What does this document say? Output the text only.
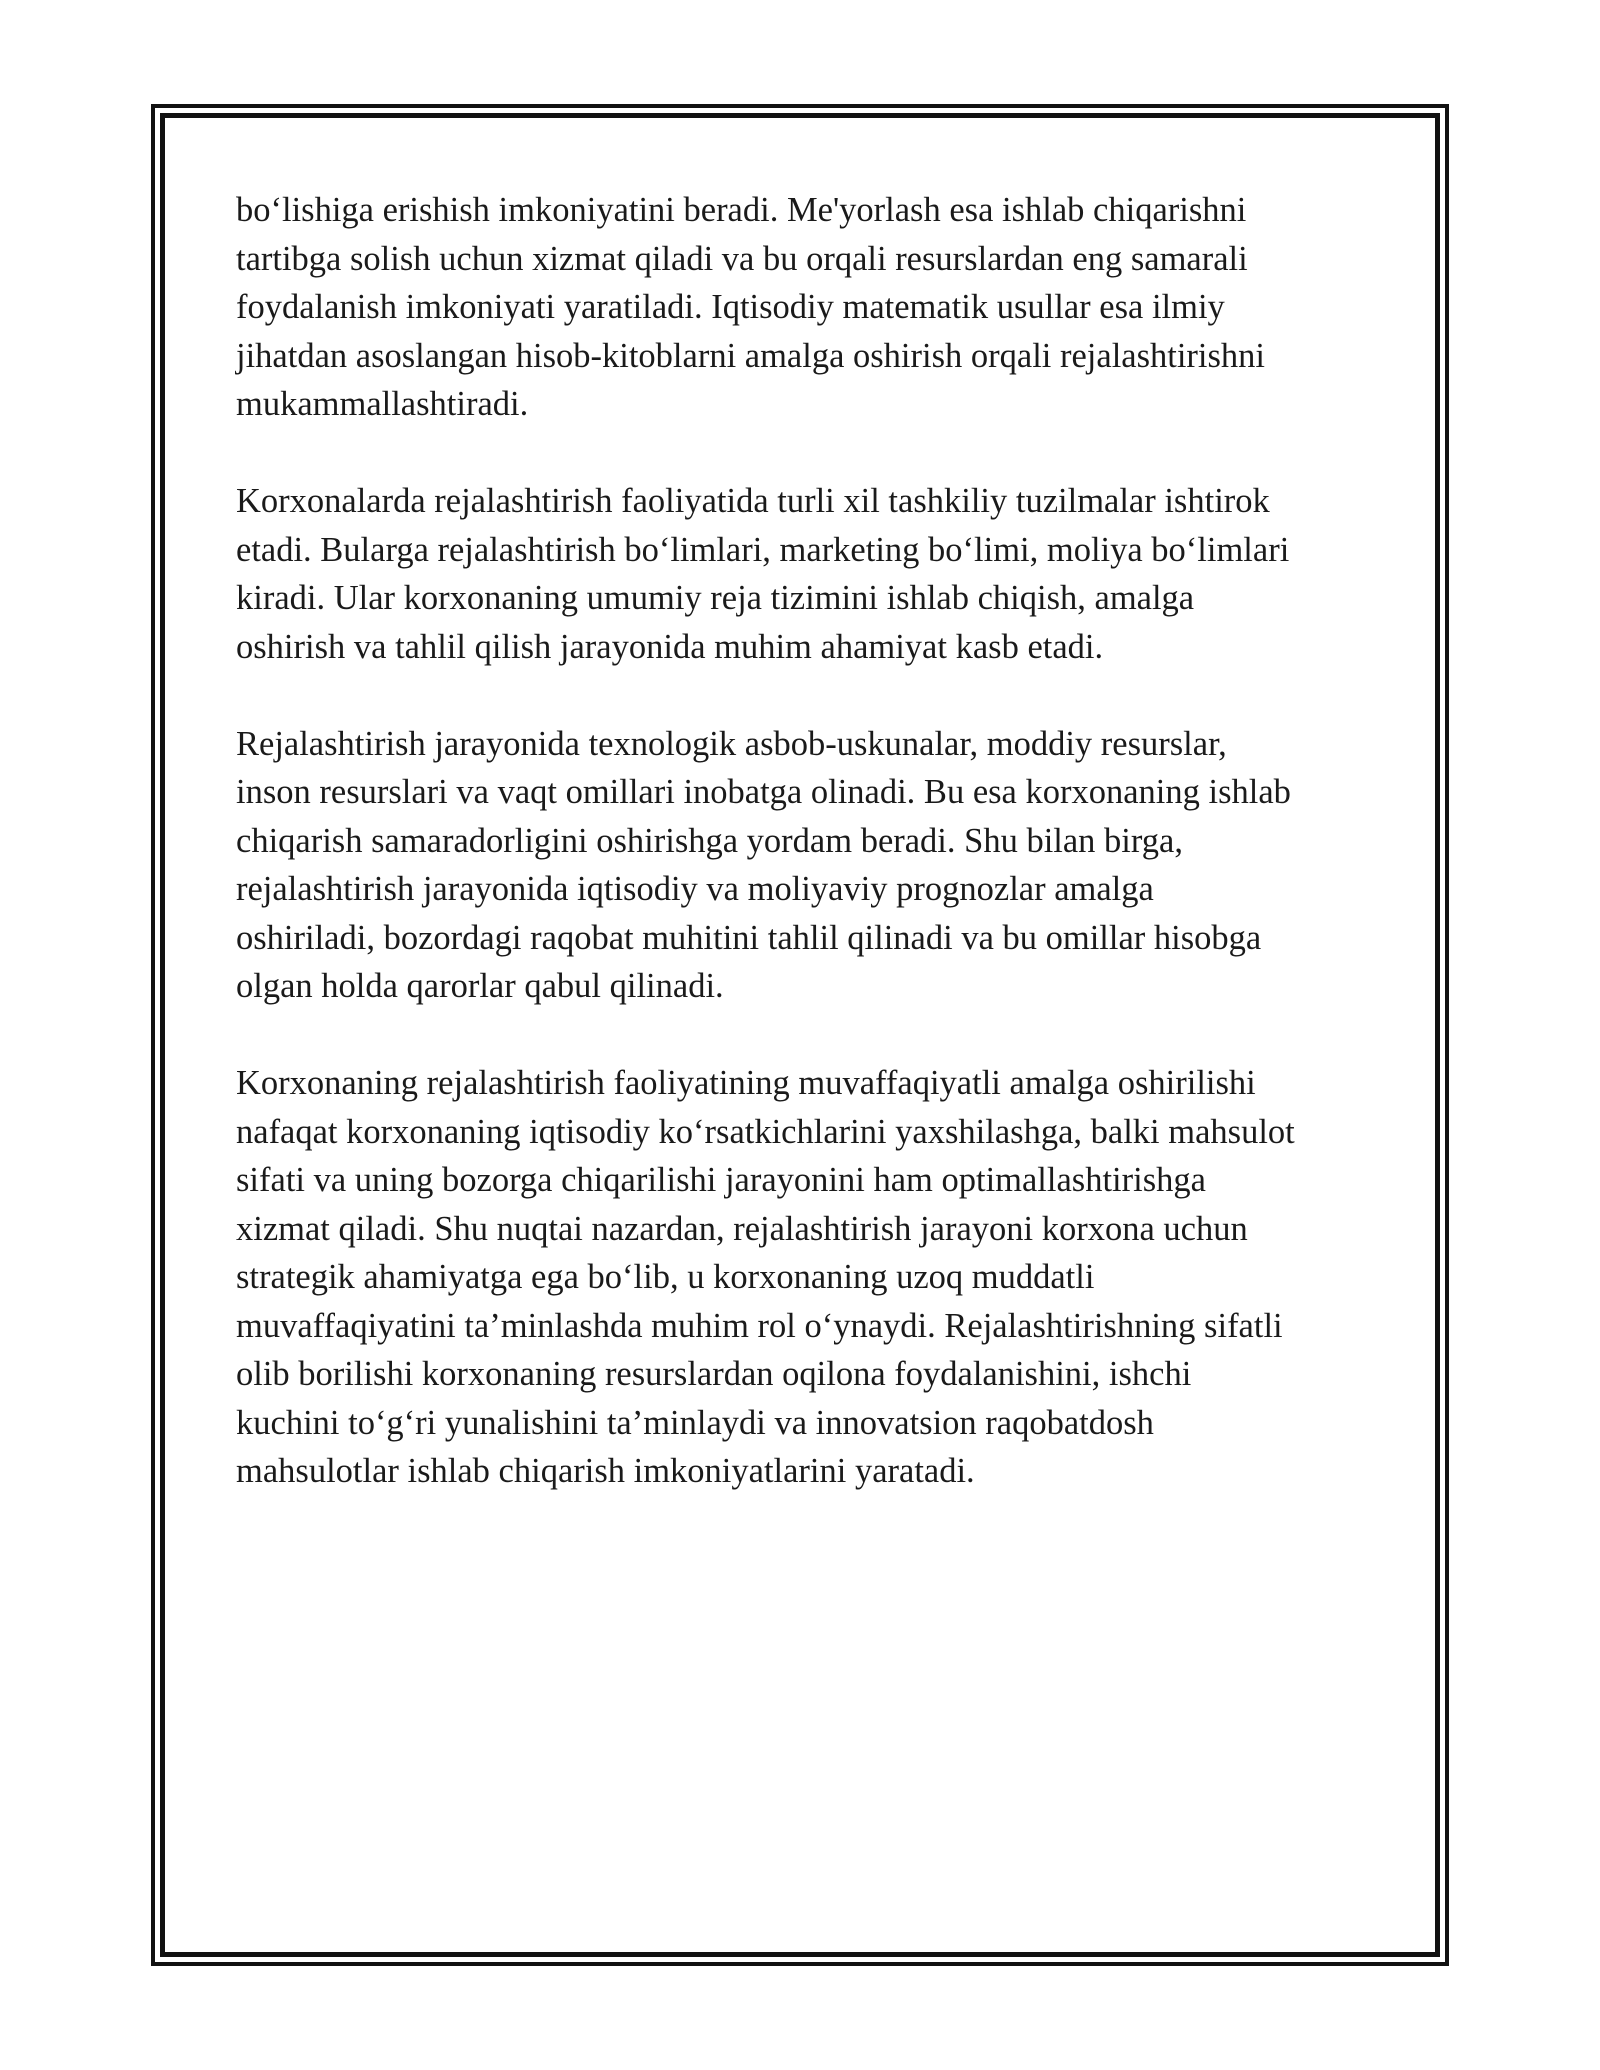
bo‘lishiga erishish imkoniyatini beradi. Me'yorlash esa ishlab chiqarishni
tartibga solish uchun xizmat qiladi va bu orqali resurslardan eng samarali
foydalanish imkoniyati yaratiladi. Iqtisodiy matematik usullar esa ilmiy
jihatdan asoslangan hisob-kitoblarni amalga oshirish orqali rejalashtirishni
mukammallashtiradi.

Korxonalarda rejalashtirish faoliyatida turli xil tashkiliy tuzilmalar ishtirok
etadi. Bularga rejalashtirish bo‘limlari, marketing bo‘limi, moliya bo‘limlari
kiradi. Ular korxonaning umumiy reja tizimini ishlab chiqish, amalga
oshirish va tahlil qilish jarayonida muhim ahamiyat kasb etadi.

Rejalashtirish jarayonida texnologik asbob-uskunalar, moddiy resurslar,
inson resurslari va vaqt omillari inobatga olinadi. Bu esa korxonaning ishlab
chiqarish samaradorligini oshirishga yordam beradi. Shu bilan birga,
rejalashtirish jarayonida iqtisodiy va moliyaviy prognozlar amalga
oshiriladi, bozordagi raqobat muhitini tahlil qilinadi va bu omillar hisobga
olgan holda qarorlar qabul qilinadi.

Korxonaning rejalashtirish faoliyatining muvaffaqiyatli amalga oshirilishi
nafaqat korxonaning iqtisodiy ko‘rsatkichlarini yaxshilashga, balki mahsulot
sifati va uning bozorga chiqarilishi jarayonini ham optimallashtirishga
xizmat qiladi. Shu nuqtai nazardan, rejalashtirish jarayoni korxona uchun
strategik ahamiyatga ega bo‘lib, u korxonaning uzoq muddatli
muvaffaqiyatini ta’minlashda muhim rol o‘ynaydi. Rejalashtirishning sifatli
olib borilishi korxonaning resurslardan oqilona foydalanishini, ishchi
kuchini to‘g‘ri yunalishini ta’minlaydi va innovatsion raqobatdosh
mahsulotlar ishlab chiqarish imkoniyatlarini yaratadi.
